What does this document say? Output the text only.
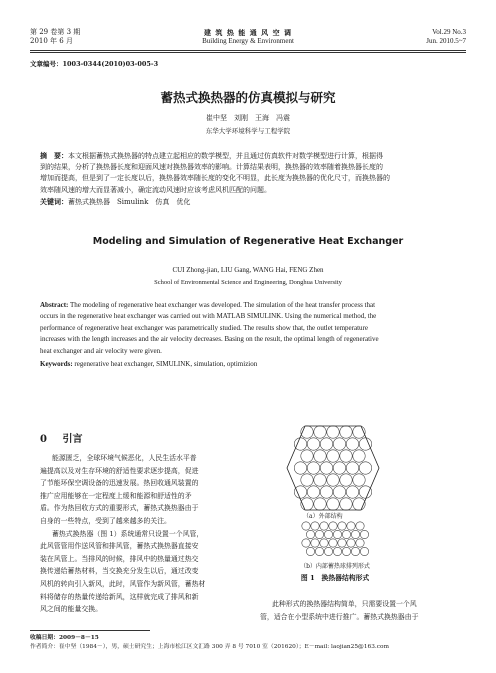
第 29 卷第 3 期
2010 年 6 月
建 筑 热 能 通 风 空 调
Building Energy & Environment
Vol.29 No.3
Jun. 2010.5~7
文章编号：1003-0344(2010)03-005-3
蓄热式换热器的仿真模拟与研究
崔中坚　刘刚　王海　冯震
东华大学环境科学与工程学院
摘　要：本文根据蓄热式换热器的特点建立起相应的数学模型，并且通过仿真软件对数学模型进行计算，根据得
到的结果，分析了换热器长度和迎面风速对换热器效率的影响。计算结果表明，换热器的效率随着换热器长度的
增加而提高，但是到了一定长度以后，换热器效率随长度的变化不明显，此长度为换热器的优化尺寸，而换热器的
效率随风速的增大而显著减小，确定流动风速时应该考虑风机匹配的问题。
关键词：蓄热式换热器　Simulink　仿真　优化
Modeling and Simulation of Regenerative Heat Exchanger
CUI Zhong-jian, LIU Gang, WANG Hai, FENG Zhen
School of Environmental Science and Engineering, Donghua University
Abstract: The modeling of regenerative heat exchanger was developed. The simulation of the heat transfer process that
occurs in the regenerative heat exchanger was carried out with MATLAB SIMULINK. Using the numerical method, the
performance of regenerative heat exchanger was parametrically studied. The results show that, the outlet temperature
increases with the length increases and the air velocity decreases. Basing on the result, the optimal length of regenerative
heat exchanger and air velocity were given.
Keywords: regenerative heat exchanger, SIMULINK, simulation, optimizion
0 引言
能源匮乏，全球环境气候恶化，人民生活水平普
遍提高以及对生存环境的舒适性要求逐步提高，促进
了节能环保空调设备的迅速发展。热回收通风装置的
推广应用能够在一定程度上缓和能源和舒适性的矛
盾。作为热回收方式的重要形式，蓄热式换热器由于
自身的一些特点，受到了越来越多的关注。
蓄热式换热器（图 1）系统通常只设置一个风管，
此风管管用作送风管和排风管，蓄热式换热器直接安
装在风管上。当排风的时候，排风中的热量通过热交
换传递给蓄热材料，当交换充分发生以后，通过改变
风机的转向引入新风，此时，风管作为新风管，蓄热材
料将储存的热量传递给新风，这样就完成了排风和新
风之间的能量交换。
（a）外部结构
（b）内部蓄热球排列形式
图 1　换热器结构形式
此种形式的换热器结构简单，只需要设置一个风
管，适合在小型系统中进行推广。蓄热式换热器由于
收稿日期：2009－8－15
作者简介：崔中坚（1984－），男，硕士研究生；上海市松江区文汇路 300 弄 8 号 7010 室（201620）；E－mail: laojian25@163.com
